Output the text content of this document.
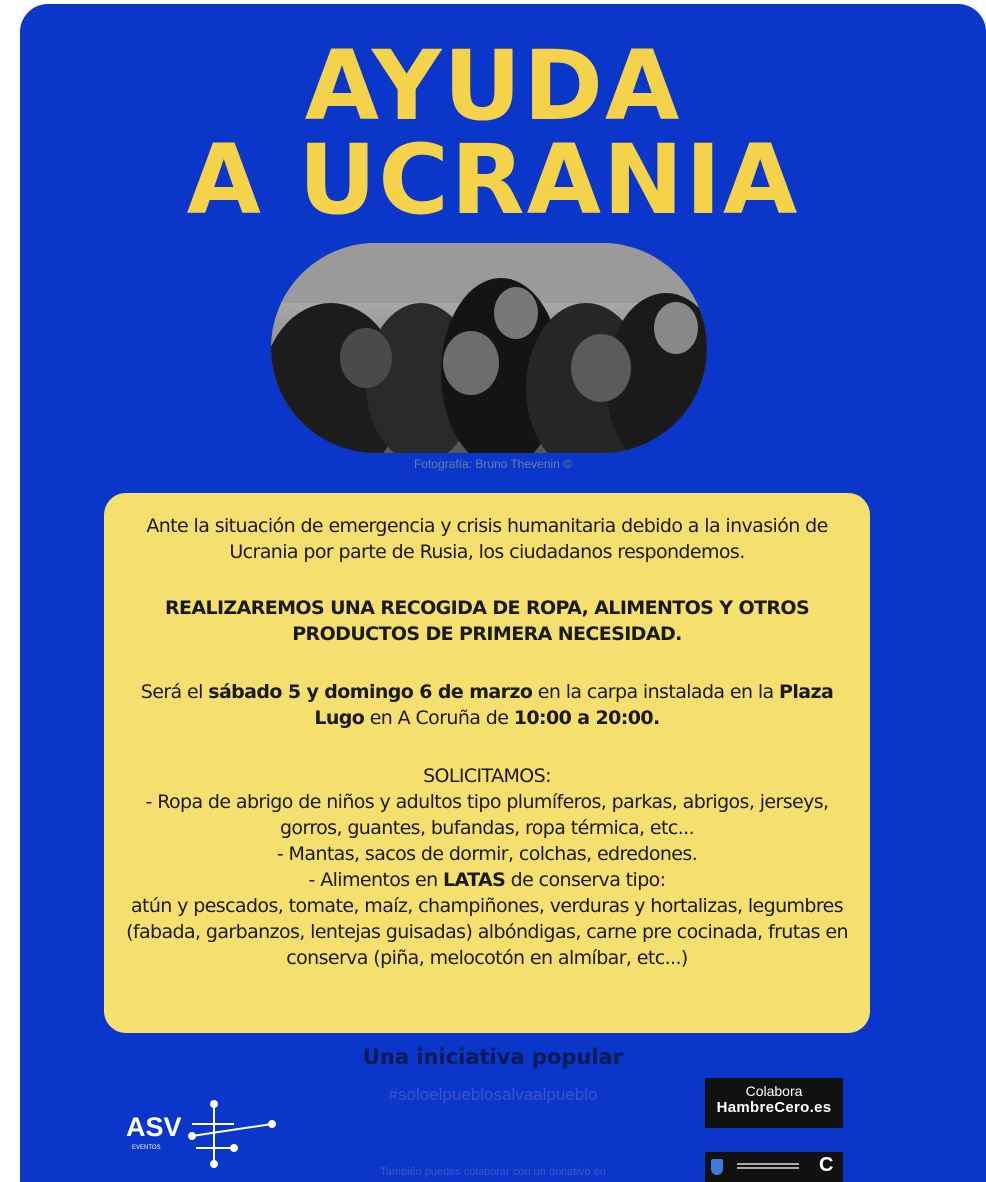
AYUDA
A UCRANIA
Fotografía: Bruno Thevenin ©

Ante la situación de emergencia y crisis humanitaria debido a la invasión de Ucrania por parte de Rusia, los ciudadanos respondemos.

REALIZAREMOS UNA RECOGIDA DE ROPA, ALIMENTOS Y OTROS PRODUCTOS DE PRIMERA NECESIDAD.

Será el sábado 5 y domingo 6 de marzo en la carpa instalada en la Plaza Lugo en A Coruña de 10:00 a 20:00.

SOLICITAMOS:
- Ropa de abrigo de niños y adultos tipo plumíferos, parkas, abrigos, jerseys, gorros, guantes, bufandas, ropa térmica, etc...
- Mantas, sacos de dormir, colchas, edredones.
- Alimentos en LATAS de conserva tipo:
atún y pescados, tomate, maíz, champiñones, verduras y hortalizas, legumbres (fabada, garbanzos, lentejas guisadas) albóndigas, carne pre cocinada, frutas en conserva (piña, melocotón en almíbar, etc...)

Una iniciativa popular
#soloelpueblosalvaalpueblo
ASV
EVENTOS
Colabora
HambreCero.es
También puedes colaborar con un donativo en	C
